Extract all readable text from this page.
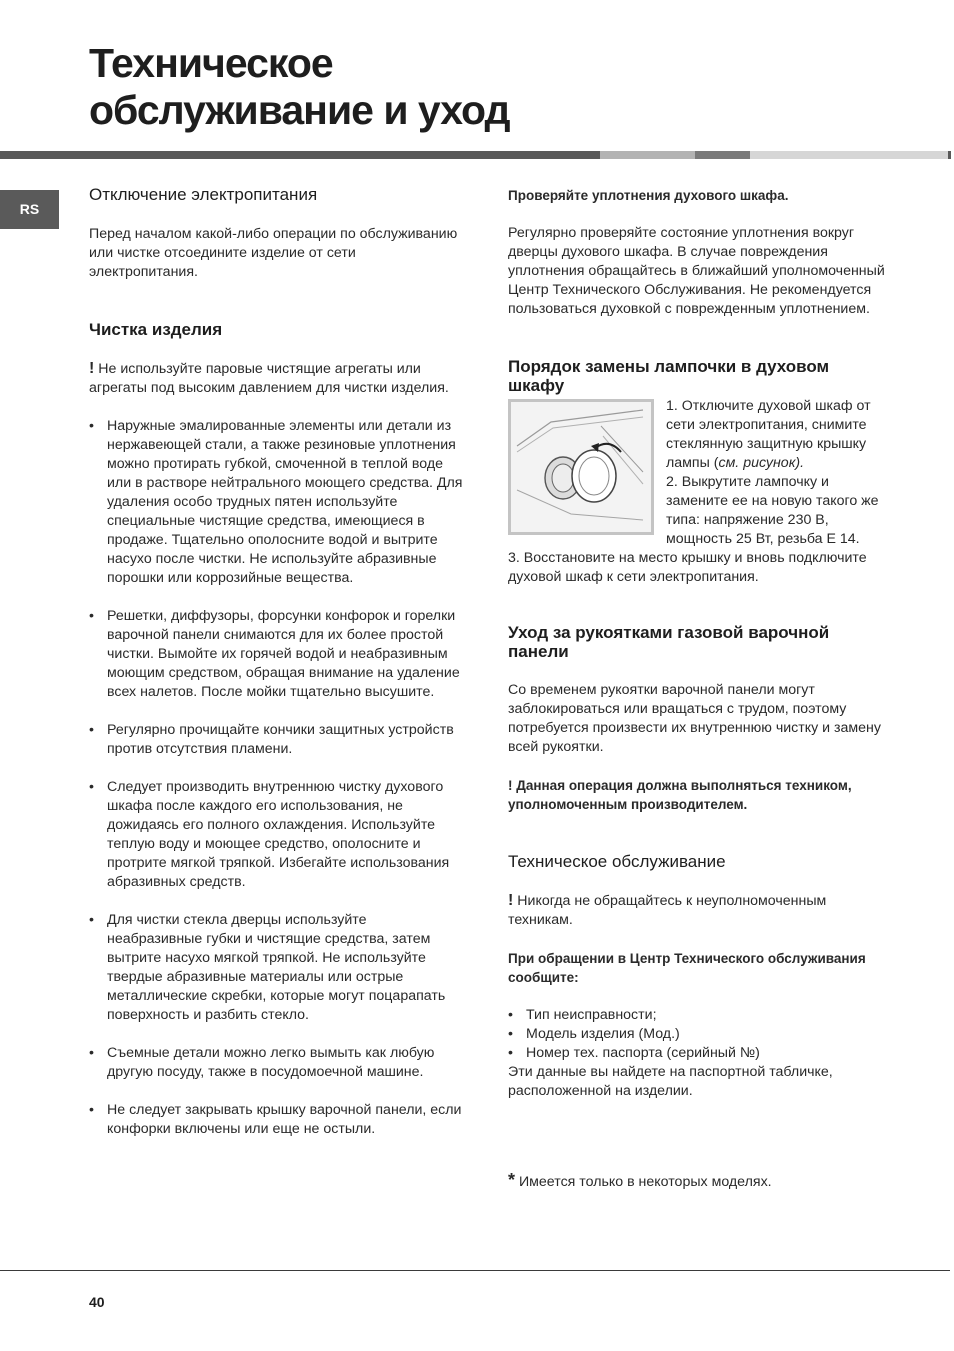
Техническое
обслуживание и уход
RS
Отключение электропитания

Перед началом какой-либо операции по обслуживанию или чистке отсоедините изделие от сети электропитания.

Чистка изделия

! Не используйте паровые чистящие агрегаты или агрегаты под высоким давлением для чистки изделия.

• Наружные эмалированные элементы или детали из нержавеющей стали, а также резиновые уплотнения можно протирать губкой, смоченной в теплой воде или в растворе нейтрального моющего средства. Для удаления особо трудных пятен используйте специальные чистящие средства, имеющиеся в продаже. Тщательно ополосните водой и вытрите насухо после чистки. Не используйте абразивные порошки или коррозийные вещества.
• Решетки, диффузоры, форсунки конфорок и горелки варочной панели снимаются для их более простой чистки. Вымойте их горячей водой и неабразивным моющим средством, обращая внимание на удаление всех налетов. После мойки тщательно высушите.
• Регулярно прочищайте кончики защитных устройств против отсутствия пламени.
• Следует производить внутреннюю чистку духового шкафа после каждого его использования, не дожидаясь его полного охлаждения. Используйте теплую воду и моющее средство, ополосните и протрите мягкой тряпкой. Избегайте использования абразивных средств.
• Для чистки стекла дверцы используйте неабразивные губки и чистящие средства, затем вытрите насухо мягкой тряпкой. Не используйте твердые абразивные материалы или острые металлические скребки, которые могут поцарапать поверхность и разбить стекло.
• Съемные детали можно легко вымыть как любую другую посуду, также в посудомоечной машине.
• Не следует закрывать крышку варочной панели, если конфорки включены или еще не остыли.

Проверяйте уплотнения духового шкафа.

Регулярно проверяйте состояние уплотнения вокруг дверцы духового шкафа. В случае повреждения уплотнения обращайтесь в ближайший уполномоченный Центр Технического Обслуживания. Не рекомендуется пользоваться духовкой с поврежденным уплотнением.

Порядок замены лампочки в духовом шкафу

1. Отключите духовой шкаф от сети электропитания, снимите стеклянную защитную крышку лампы (см. рисунок).

2. Выкрутите лампочку и замените ее на новую такого же типа: напряжение 230 В, мощность 25 Вт, резьба Е 14.

3. Восстановите на место крышку и вновь подключите духовой шкаф к сети электропитания.

Уход за рукоятками газовой варочной панели

Со временем рукоятки варочной панели могут заблокироваться или вращаться с трудом, поэтому потребуется произвести их внутреннюю чистку и замену всей рукоятки.

! Данная операция должна выполняться техником, уполномоченным производителем.

Техническое обслуживание

! Никогда не обращайтесь к неуполномоченным техникам.

При обращении в Центр Технического обслуживания сообщите:

• Тип неисправности;
• Модель изделия (Мод.)
• Номер тех. паспорта (серийный №)

Эти данные вы найдете на паспортной табличке, расположенной на изделии.

* Имеется только в некоторых моделях.

40
